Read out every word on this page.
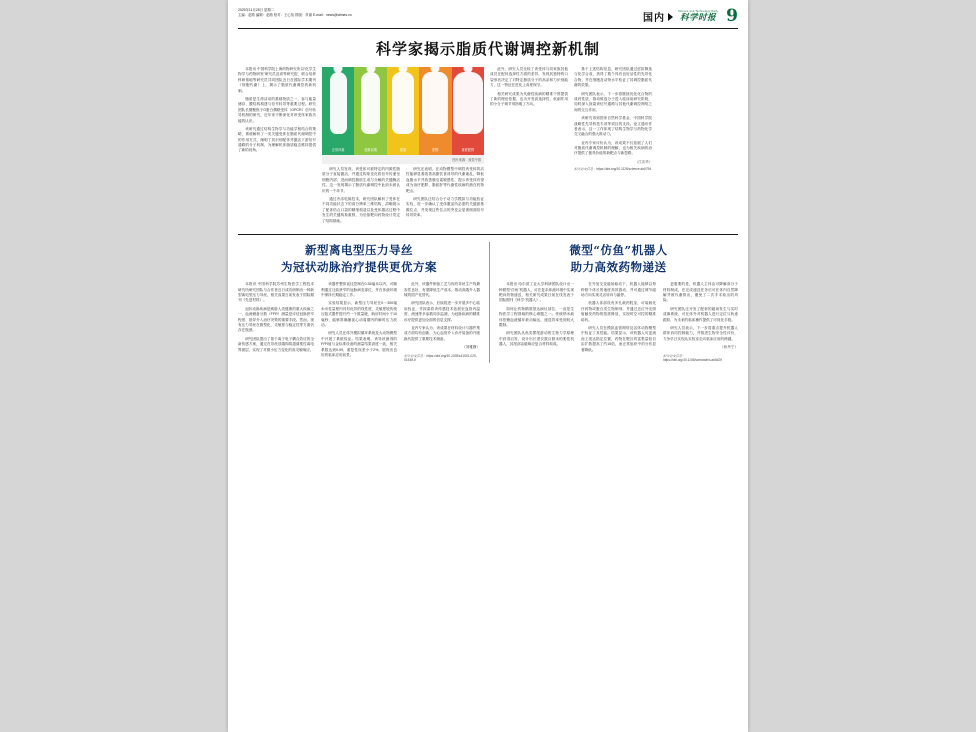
2025年11月25日 星期二
主编：赵路 编辑：赵路 校对：王心怡 排版：肖丽 E-mail：news@stimes.cn	国内
Science and Technology Daily
科学时报 9
科学家揭示脂质代谢调控新机制

本报讯 中国科学院上海药物研究所以“化学生物学与药物研发”研究员及高等研究院、联合培养科研基地等研究员共同团队近日在国际学术期刊《细胞代谢》上，揭示了脂质代谢调控的新机制。

脂质是生命活动的基础物质之一，参与能量储存、膜结构构建与信号转导等重要过程。研究团队长期聚焦于G蛋白偶联受体（GPCR）信号转导机制的研究，近年来不断深化对该受体家族功能的认识。

该研究通过结构生物学与功能学相结合的策略，系统解析了一类关键受体在脂质代谢调控中的作用方式，阐明了其识别配体并激活下游信号通路的分子机制，为理解机体脂质稳态维持提供了新的视角。	正常体重	超重前期	超重	肥胖	重度肥胖
图片来源：视觉中国

研究人员发现，该受体可被特定的内源性脂质分子直接激活，并通过构象变化将信号传递至细胞内部，进而调控脂肪生成与分解的关键酶活性。这一发现揭示了脂质代谢调控中此前未被认识的一个环节。

通过冷冻电镜技术，研究团队解析了受体在不同功能状态下的高分辨率三维结构，清晰展示了配体结合口袋的精细构造以及受体激活过程中发生的关键构象重排，为后续靶向药物设计奠定了结构基础。

研究还表明，在动物模型中调控该受体的活性能够显著改善高脂饮食诱导的代谢紊乱，降低血脂水平并改善胰岛素敏感性，提示该受体有望成为治疗肥胖、脂肪肝等代谢性疾病的潜在药物靶点。

研究团队还结合分子动力学模拟与功能验证实验，进一步确认了受体激活所必需的关键氨基酸位点，并发现这些位点的突变会显著削弱信号转导效率。

此外，研究人员比较了该受体与同家族其他成员在配体选择性方面的差异，发现其独特的口袋形状决定了对特定脂质分子的高亲和力识别能力，这一特征在进化上高度保守。

相关研究成果为代谢性疾病的精准干预提供了新的理论依据，也为开发高选择性、低副作用的小分子调节剂指明了方向。

基于上述结构信息，研究团队通过虚拟筛选与化学合成，获得了数个具有良好活性的先导化合物，并在细胞及动物水平验证了其调控脂质代谢的效果。

研究团队表示，下一步将继续优化化合物的成药性质，推动候选分子进入临床前研究阶段，同时深入探索该信号通路与其他代谢调控网络之间的交互作用。

该研究得到国家自然科学基金、中国科学院战略性先导科技专项等项目的支持。论文通讯作者表示，这一工作体现了结构生物学与药物化学交叉融合的强大推动力。

业内专家评价认为，该成果不仅拓展了人们对脂质代谢调控机制的理解，也为相关疾病的治疗提供了极具价值的新靶点与新思路。

（江庆华）
相关论文信息：https://doi.org/10.1126/science.ab9794
新型离电型压力导丝
为冠状动脉治疗提供更优方案

本报讯 中国科学院苏州生物医学工程技术研究所研究团队与合作者近日成功研制出一种新型离电型压力导丝，相关成果日前发表于国际期刊《先进材料》。

冠状动脉疾病是威胁人类健康的重大疾病之一，血流储备分数（FFR）测量是评估冠脉狭窄程度、指导介入治疗决策的重要手段。然而，现有压力导丝在微型化、灵敏度与稳定性等方面仍存在瓶颈。

研究团队提出了基于离子电子耦合效应的全新传感方案，通过在导丝顶端构筑超薄柔性离电界面层，实现了对微小压力变化的高灵敏响应。

该器件整体直径控制在0.35毫米以内，可顺利通过迂曲狭窄的冠脉病变部位，并在体液环境中保持长期稳定工作。

实验结果显示，新型压力导丝在0～300毫米汞柱量程内具有优异的线性度，灵敏度较传统压阻式器件提升约一个数量级，响应时间小于10毫秒，能够准确捕捉心动周期内的瞬时压力波动。

研究人员在体外模拟循环系统及大动物模型中开展了系统验证。结果表明，该导丝测得的FFR值与金标准设备的测量结果高度一致，相关系数达到0.99，重复性误差小于2%，展现出良好的临床应用前景。

此外，该器件制备工艺与现有导丝生产线兼容性良好，有望降低生产成本，推动高端介入器械的国产化替代。

研究团队表示，后续将进一步开展多中心临床验证，并探索将该传感技术拓展至血管内温度、流速等多参数同步监测，为冠脉疾病的精准诊疗提供更加全面的信息支撑。

业内专家认为，该成果在材料设计与器件集成方面均有创新，为心血管介入诊疗装备的升级换代提供了重要技术储备。

（刘雅静）

相关论文信息：https://doi.org/10.1038/s41551-025-01548-9
微型“仿鱼”机器人
助力高效药物递送

本报讯 哈尔滨工业大学科研团队设计出一种微型“仿鱼”机器人，可在复杂体液环境中实现靶向药物递送，相关研究成果日前在线发表于国际期刊《科学·机器人》。

如何让药物精准抵达病灶部位，一直是生物医学工程领域的核心难题之一。传统纳米载体依赖血液循环被动输运，递送效率受到较大限制。

研究团队从鱼类摆尾游动的生物力学原理中获得启发，设计出长度仅数百微米的柔性机器人，其尾部由磁响应复合材料构成。

在外加交变磁场驱动下，机器人能够以每秒数个体长的速度高效游动，并可通过调节磁场方向实现灵活转向与悬停。

机器人体部设有多孔载药腔室，可装载化疗药物或蛋白类生物制剂，并通过近红外光照射触发药物的按需释放，实现时空可控的精准给药。

研究人员在模拟血管网络及活体动物模型中验证了其性能。结果显示，该机器人可逆流而上抵达指定位置，药物在靶区的富集量较自由扩散提高了约15倍，而正常组织中的分布显著降低。

更重要的是，机器人主体由可降解高分子材料制成，在完成递送任务后可在体内自然降解并被代谢排出，避免了二次手术取出的风险。

研究团队还开发了配套的磁场发生与实时成像系统，可在体外对机器人进行定位与轨迹跟踪，为未来的临床操作提供了可视化手段。

研究人员表示，下一步将重点提升机器人群体协同控制能力，并推进生物安全性评价，力争早日实现从实验室走向临床应用的跨越。

（孙丹宁）

相关论文信息：https://doi.org/10.1195/scirobotics.ab9429
